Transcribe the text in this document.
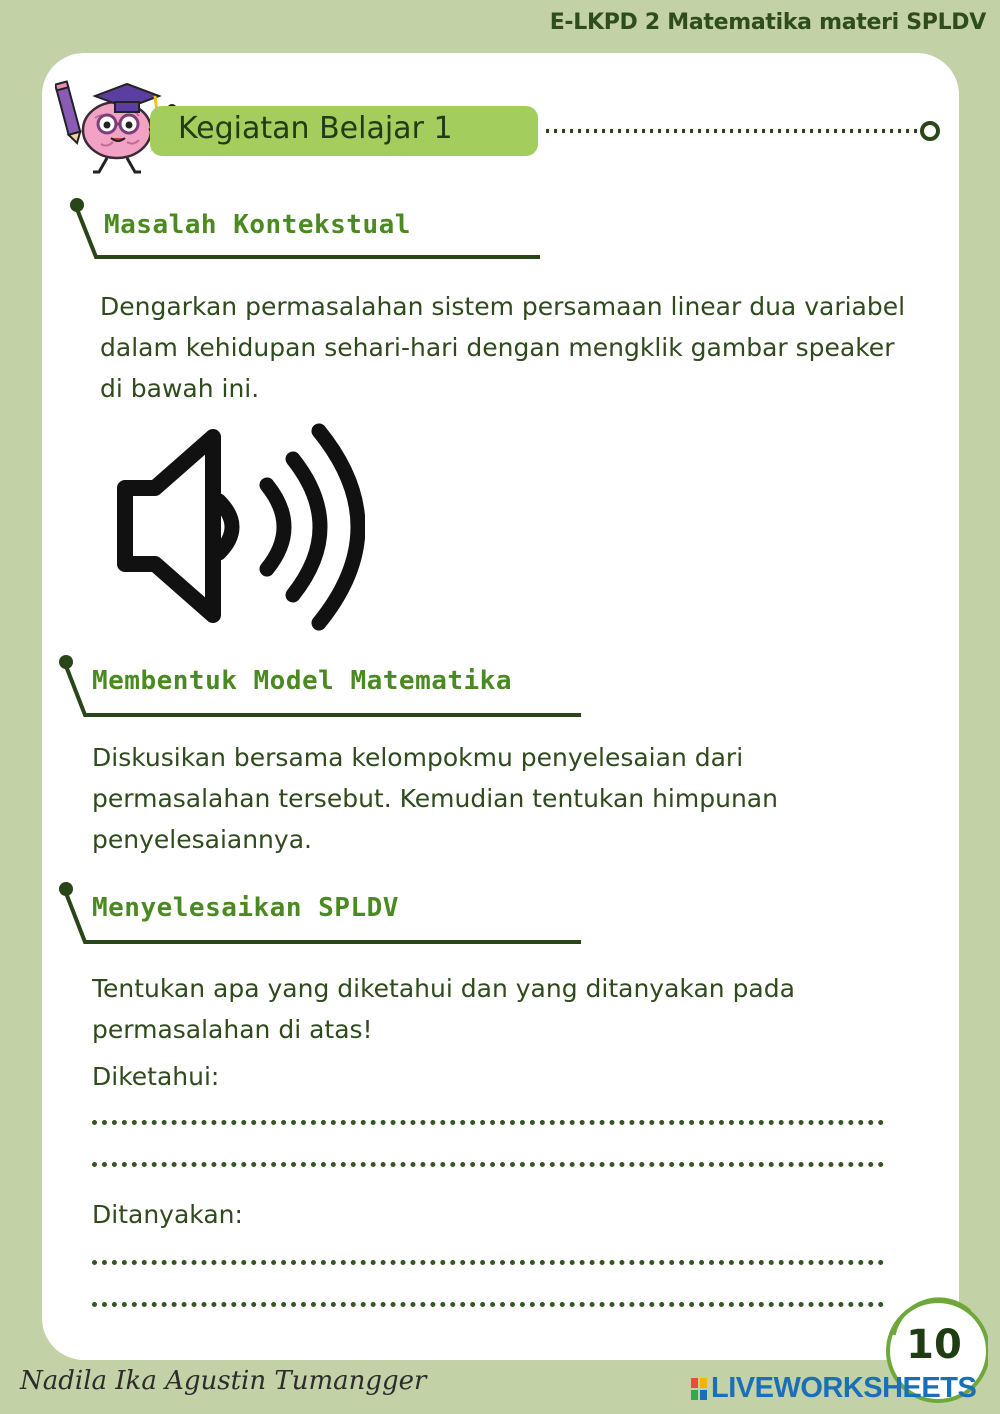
E-LKPD 2 Matematika materi SPLDV
Kegiatan Belajar 1
Masalah Kontekstual
Dengarkan permasalahan sistem persamaan linear dua variabel dalam kehidupan sehari-hari dengan mengklik gambar speaker di bawah ini.
Membentuk Model Matematika
Diskusikan bersama kelompokmu penyelesaian dari permasalahan tersebut. Kemudian tentukan himpunan penyelesaiannya.
Menyelesaikan SPLDV
Tentukan apa yang diketahui dan yang ditanyakan pada permasalahan di atas!
Diketahui:
Ditanyakan:
10
Nadila Ika Agustin Tumangger	LIVEWORKSHEETS
